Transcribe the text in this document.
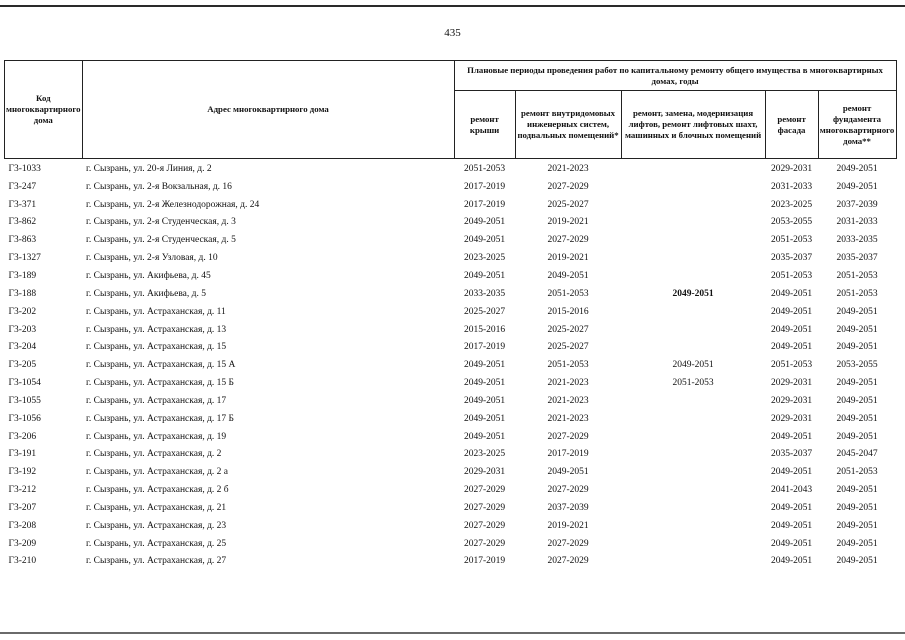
435
Код многоквартирного дома	Адрес многоквартирного дома	Плановые периоды проведения работ по капитальному ремонту общего имущества в многоквартирных домах, годы				
		ремонт крыши	ремонт внутридомовых инженерных систем, подвальных помещений*	ремонт, замена, модернизация лифтов, ремонт лифтовых шахт, машинных и блочных помещений	ремонт фасада	ремонт фундамента многоквартирного дома**
Г3-1033	г. Сызрань, ул. 20-я Линия, д. 2	2051-2053	2021-2023		2029-2031	2049-2051
Г3-247	г. Сызрань, ул. 2-я Вокзальная, д. 16	2017-2019	2027-2029		2031-2033	2049-2051
Г3-371	г. Сызрань, ул. 2-я Железнодорожная, д. 24	2017-2019	2025-2027		2023-2025	2037-2039
Г3-862	г. Сызрань, ул. 2-я Студенческая, д. 3	2049-2051	2019-2021		2053-2055	2031-2033
Г3-863	г. Сызрань, ул. 2-я Студенческая, д. 5	2049-2051	2027-2029		2051-2053	2033-2035
Г3-1327	г. Сызрань, ул. 2-я Узловая, д. 10	2023-2025	2019-2021		2035-2037	2035-2037
Г3-189	г. Сызрань, ул. Акифьева, д. 45	2049-2051	2049-2051		2051-2053	2051-2053
Г3-188	г. Сызрань, ул. Акифьева, д. 5	2033-2035	2051-2053	2049-2051	2049-2051	2051-2053
Г3-202	г. Сызрань, ул. Астраханская, д. 11	2025-2027	2015-2016		2049-2051	2049-2051
Г3-203	г. Сызрань, ул. Астраханская, д. 13	2015-2016	2025-2027		2049-2051	2049-2051
Г3-204	г. Сызрань, ул. Астраханская, д. 15	2017-2019	2025-2027		2049-2051	2049-2051
Г3-205	г. Сызрань, ул. Астраханская, д. 15 А	2049-2051	2051-2053	2049-2051	2051-2053	2053-2055
Г3-1054	г. Сызрань, ул. Астраханская, д. 15 Б	2049-2051	2021-2023	2051-2053	2029-2031	2049-2051
Г3-1055	г. Сызрань, ул. Астраханская, д. 17	2049-2051	2021-2023		2029-2031	2049-2051
Г3-1056	г. Сызрань, ул. Астраханская, д. 17 Б	2049-2051	2021-2023		2029-2031	2049-2051
Г3-206	г. Сызрань, ул. Астраханская, д. 19	2049-2051	2027-2029		2049-2051	2049-2051
Г3-191	г. Сызрань, ул. Астраханская, д. 2	2023-2025	2017-2019		2035-2037	2045-2047
Г3-192	г. Сызрань, ул. Астраханская, д. 2 а	2029-2031	2049-2051		2049-2051	2051-2053
Г3-212	г. Сызрань, ул. Астраханская, д. 2 б	2027-2029	2027-2029		2041-2043	2049-2051
Г3-207	г. Сызрань, ул. Астраханская, д. 21	2027-2029	2037-2039		2049-2051	2049-2051
Г3-208	г. Сызрань, ул. Астраханская, д. 23	2027-2029	2019-2021		2049-2051	2049-2051
Г3-209	г. Сызрань, ул. Астраханская, д. 25	2027-2029	2027-2029		2049-2051	2049-2051
Г3-210	г. Сызрань, ул. Астраханская, д. 27	2017-2019	2027-2029		2049-2051	2049-2051
